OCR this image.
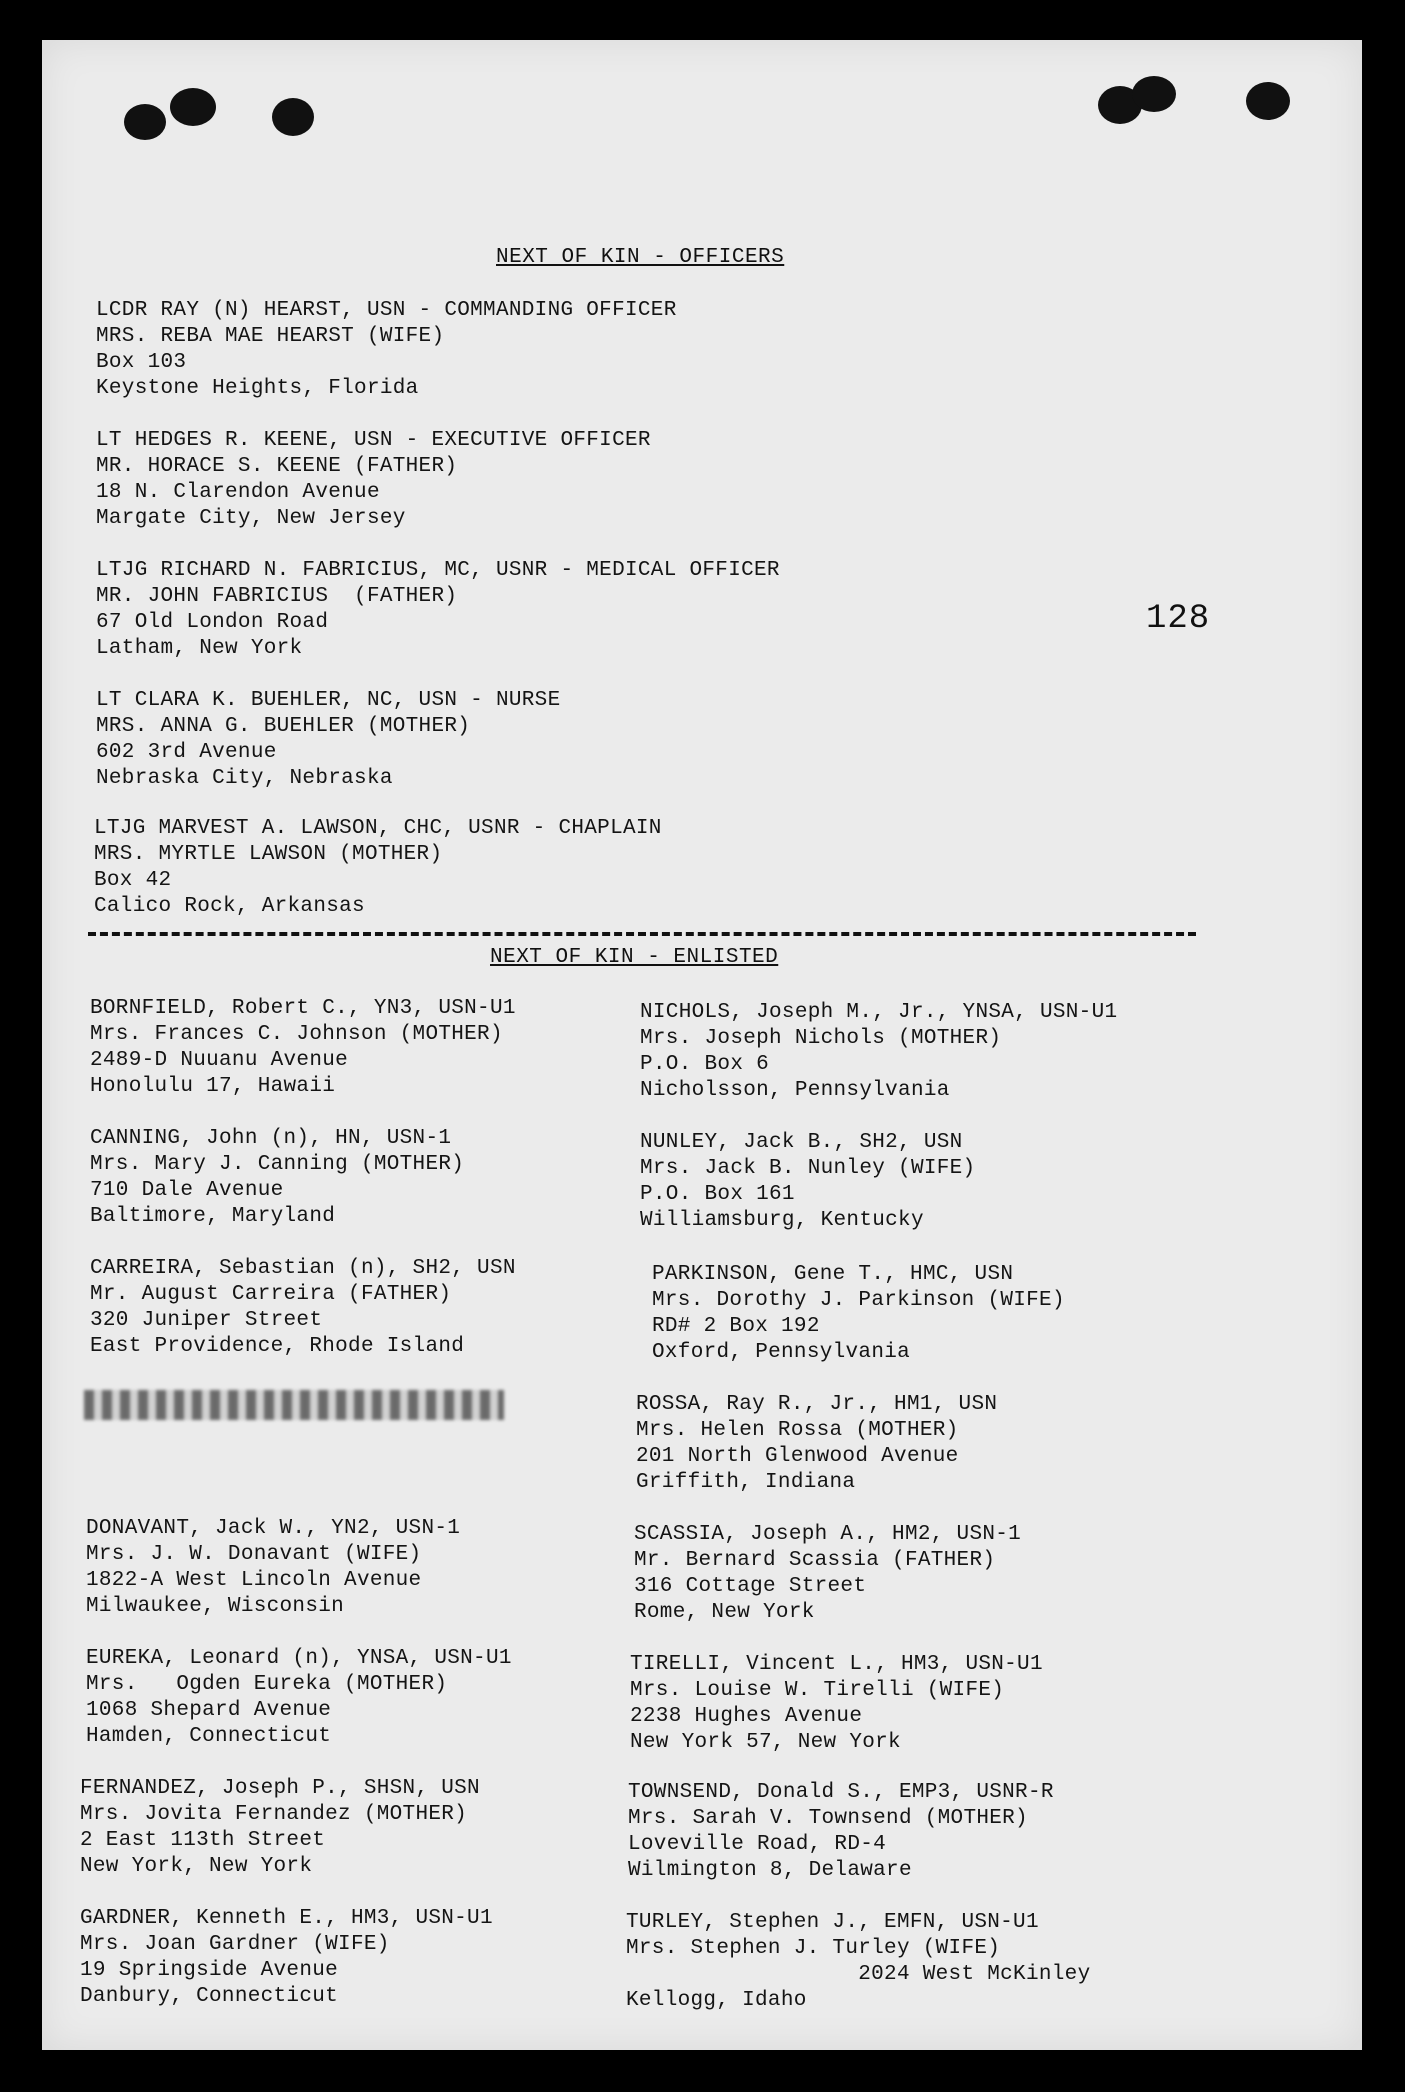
128
NEXT OF KIN - OFFICERS
LCDR RAY (N) HEARST, USN - COMMANDING OFFICER
MRS. REBA MAE HEARST (WIFE)
Box 103
Keystone Heights, Florida
LT HEDGES R. KEENE, USN - EXECUTIVE OFFICER
MR. HORACE S. KEENE (FATHER)
18 N. Clarendon Avenue
Margate City, New Jersey
LTJG RICHARD N. FABRICIUS, MC, USNR - MEDICAL OFFICER
MR. JOHN FABRICIUS  (FATHER)
67 Old London Road
Latham, New York
LT CLARA K. BUEHLER, NC, USN - NURSE
MRS. ANNA G. BUEHLER (MOTHER)
602 3rd Avenue
Nebraska City, Nebraska
LTJG MARVEST A. LAWSON, CHC, USNR - CHAPLAIN
MRS. MYRTLE LAWSON (MOTHER)
Box 42
Calico Rock, Arkansas
NEXT OF KIN - ENLISTED
BORNFIELD, Robert C., YN3, USN-U1
Mrs. Frances C. Johnson (MOTHER)
2489-D Nuuanu Avenue
Honolulu 17, Hawaii
CANNING, John (n), HN, USN-1
Mrs. Mary J. Canning (MOTHER)
710 Dale Avenue
Baltimore, Maryland
CARREIRA, Sebastian (n), SH2, USN
Mr. August Carreira (FATHER)
320 Juniper Street
East Providence, Rhode Island
DONAVANT, Jack W., YN2, USN-1
Mrs. J. W. Donavant (WIFE)
1822-A West Lincoln Avenue
Milwaukee, Wisconsin
EUREKA, Leonard (n), YNSA, USN-U1
Mrs.   Ogden Eureka (MOTHER)
1068 Shepard Avenue
Hamden, Connecticut
FERNANDEZ, Joseph P., SHSN, USN
Mrs. Jovita Fernandez (MOTHER)
2 East 113th Street
New York, New York
GARDNER, Kenneth E., HM3, USN-U1
Mrs. Joan Gardner (WIFE)
19 Springside Avenue
Danbury, Connecticut
NICHOLS, Joseph M., Jr., YNSA, USN-U1
Mrs. Joseph Nichols (MOTHER)
P.O. Box 6
Nicholsson, Pennsylvania
NUNLEY, Jack B., SH2, USN
Mrs. Jack B. Nunley (WIFE)
P.O. Box 161
Williamsburg, Kentucky
PARKINSON, Gene T., HMC, USN
Mrs. Dorothy J. Parkinson (WIFE)
RD# 2 Box 192
Oxford, Pennsylvania
ROSSA, Ray R., Jr., HM1, USN
Mrs. Helen Rossa (MOTHER)
201 North Glenwood Avenue
Griffith, Indiana
SCASSIA, Joseph A., HM2, USN-1
Mr. Bernard Scassia (FATHER)
316 Cottage Street
Rome, New York
TIRELLI, Vincent L., HM3, USN-U1
Mrs. Louise W. Tirelli (WIFE)
2238 Hughes Avenue
New York 57, New York
TOWNSEND, Donald S., EMP3, USNR-R
Mrs. Sarah V. Townsend (MOTHER)
Loveville Road, RD-4
Wilmington 8, Delaware
TURLEY, Stephen J., EMFN, USN-U1
Mrs. Stephen J. Turley (WIFE)
2024 West McKinley
Kellogg, Idaho
